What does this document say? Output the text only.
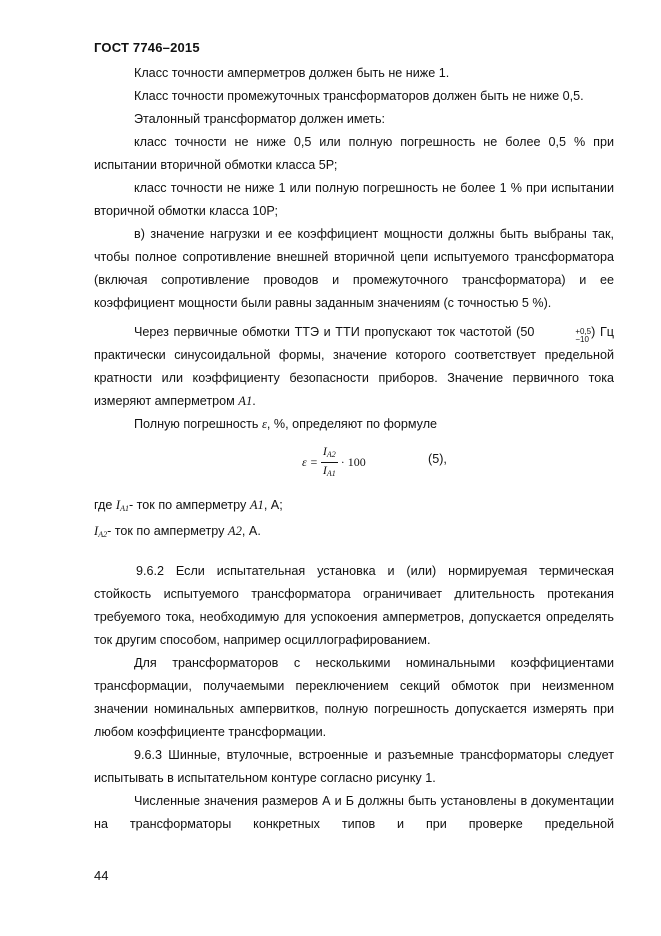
ГОСТ 7746–2015

Класс точности амперметров должен быть не ниже 1.

Класс точности промежуточных трансформаторов должен быть не ниже 0,5.

Эталонный трансформатор должен иметь:

класс точности не ниже 0,5 или полную погрешность не более 0,5 % при испытании вторичной обмотки класса 5Р;

класс точности не ниже 1 или полную погрешность не более 1 % при испытании вторичной обмотки класса 10Р;

в) значение нагрузки и ее коэффициент мощности должны быть выбраны так, чтобы полное сопротивление внешней вторичной цепи испытуемого трансформатора (включая сопротивление проводов и промежуточного трансформатора) и ее коэффициент мощности были равны заданным значениям (с точностью 5 %).

Через первичные обмотки ТТЭ и ТТИ пропускают ток частотой (50	+0,5
−10
) Гц практически синусоидальной формы, значение которого соответствует предельной кратности или коэффициенту безопасности приборов. Значение первичного тока измеряют амперметром A1.

Полную погрешность ε, %, определяют по формуле

$\varepsilon = \frac{I_{A2}}{I_{A1}} \cdot 100$	(5),

где $I_{A1}-$ ток по амперметру A1, А;

$I_{A2}-$ ток по амперметру A2, А.

9.6.2 Если испытательная установка и (или) нормируемая термическая стойкость испытуемого трансформатора ограничивает длительность протекания требуемого тока, необходимую для успокоения амперметров, допускается определять ток другим способом, например осциллографированием.

Для трансформаторов с несколькими номинальными коэффициентами трансформации, получаемыми переключением секций обмоток при неизменном значении номинальных ампервитков, полную погрешность допускается измерять при любом коэффициенте трансформации.

9.6.3 Шинные, втулочные, встроенные и разъемные трансформаторы следует испытывать в испытательном контуре согласно рисунку 1.

Численные значения размеров А и Б должны быть установлены в документации на трансформаторы конкретных типов и при проверке предельной

44
